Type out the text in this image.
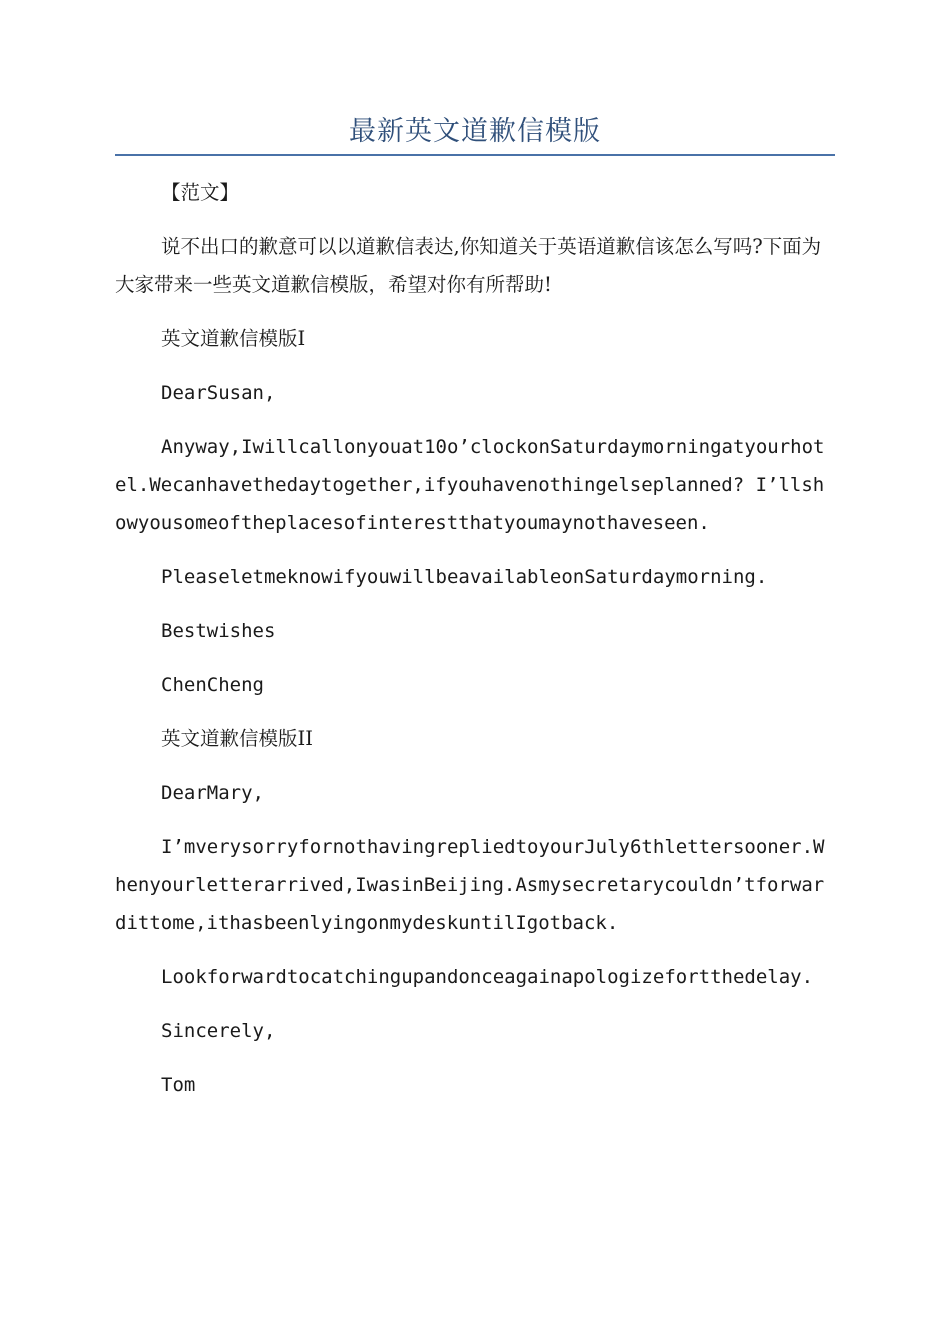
最新英文道歉信模版

【范文】

说不出口的歉意可以以道歉信表达,你知道关于英语道歉信该怎么写吗?下面为大家带来一些英文道歉信模版，希望对你有所帮助!

英文道歉信模版I

DearSusan,

Anyway,Iwillcallonyouat10o’clockonSaturdaymorningatyourhotel.Wecanhavethedaytogether,ifyouhavenothingelseplanned? I’llshowyousomeoftheplacesofinterestthatyoumaynothaveseen.

PleaseletmeknowifyouwillbeavailableonSaturdaymorning.

Bestwishes

ChenCheng

英文道歉信模版II

DearMary,

I’mverysorryfornothavingrepliedtoyourJuly6thlettersooner.Whenyourletterarrived,IwasinBeijing.Asmysecretarycouldn’tforwardittome,ithasbeenlyingonmydeskuntilIgotback.

Lookforwardtocatchingupandonceagainapologizefortthedelay.

Sincerely,

Tom
